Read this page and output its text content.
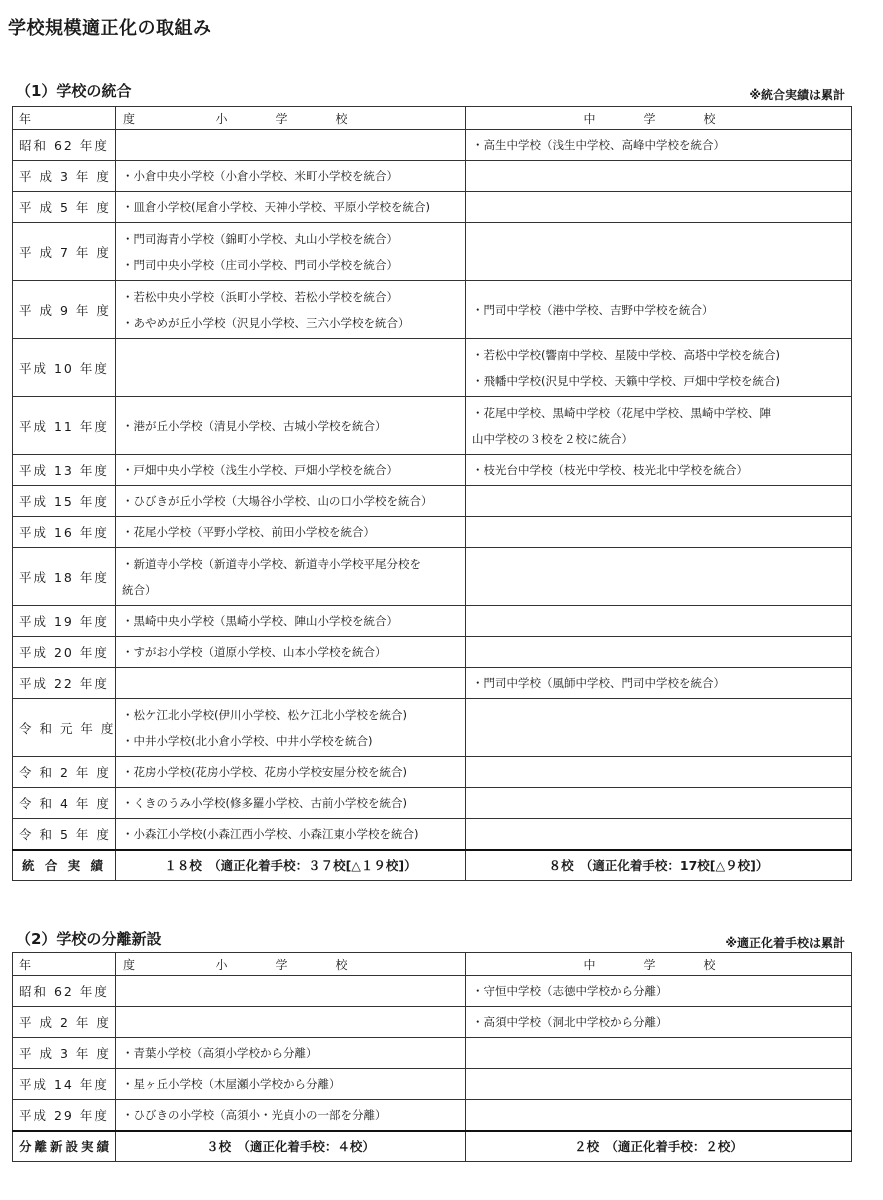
学校規模適正化の取組み
（1）学校の統合	※統合実績は累計
年　度	小　学　校	中　学　校
昭和 62 年度		・高生中学校（浅生中学校、高峰中学校を統合）

平 成 3 年 度	・小倉中央小学校（小倉小学校、米町小学校を統合）	

平 成 5 年 度	・皿倉小学校(尾倉小学校、天神小学校、平原小学校を統合)	

平 成 7 年 度	・門司海青小学校（錦町小学校、丸山小学校を統合）
・門司中央小学校（庄司小学校、門司小学校を統合）	

平 成 9 年 度	・若松中央小学校（浜町小学校、若松小学校を統合）
・あやめが丘小学校（沢見小学校、三六小学校を統合）	・門司中学校（港中学校、吉野中学校を統合）

平成 10 年度		・若松中学校(響南中学校、星陵中学校、高塔中学校を統合)
・飛幡中学校(沢見中学校、天籟中学校、戸畑中学校を統合)

平成 11 年度	・港が丘小学校（清見小学校、古城小学校を統合）	・花尾中学校、黒崎中学校（花尾中学校、黒崎中学校、陣
山中学校の３校を２校に統合）

平成 13 年度	・戸畑中央小学校（浅生小学校、戸畑小学校を統合）	・枝光台中学校（枝光中学校、枝光北中学校を統合）

平成 15 年度	・ひびきが丘小学校（大場谷小学校、山の口小学校を統合）	

平成 16 年度	・花尾小学校（平野小学校、前田小学校を統合）	

平成 18 年度	・新道寺小学校（新道寺小学校、新道寺小学校平尾分校を
統合）	

平成 19 年度	・黒崎中央小学校（黒崎小学校、陣山小学校を統合）	

平成 20 年度	・すがお小学校（道原小学校、山本小学校を統合）	

平成 22 年度		・門司中学校（風師中学校、門司中学校を統合）

令 和 元 年 度	・松ケ江北小学校(伊川小学校、松ケ江北小学校を統合)
・中井小学校(北小倉小学校、中井小学校を統合)	

令 和 2 年 度	・花房小学校(花房小学校、花房小学校安屋分校を統合)	

令 和 4 年 度	・くきのうみ小学校(修多羅小学校、古前小学校を統合)	

令 和 5 年 度	・小森江小学校(小森江西小学校、小森江東小学校を統合)	

統 合 実 績	１８校　（適正化着手校：３７校[△１９校]）	８校　（適正化着手校：17校[△９校]）
（2）学校の分離新設	※適正化着手校は累計
年　度	小　学　校	中　学　校
昭和 62 年度		・守恒中学校（志徳中学校から分離）

平 成 2 年 度		・高須中学校（洞北中学校から分離）

平 成 3 年 度	・青葉小学校（高須小学校から分離）	

平成 14 年度	・星ヶ丘小学校（木屋瀬小学校から分離）	

平成 29 年度	・ひびきの小学校（高須小・光貞小の一部を分離）	

分離新設実績	３校　（適正化着手校：４校）	２校　（適正化着手校：２校）
